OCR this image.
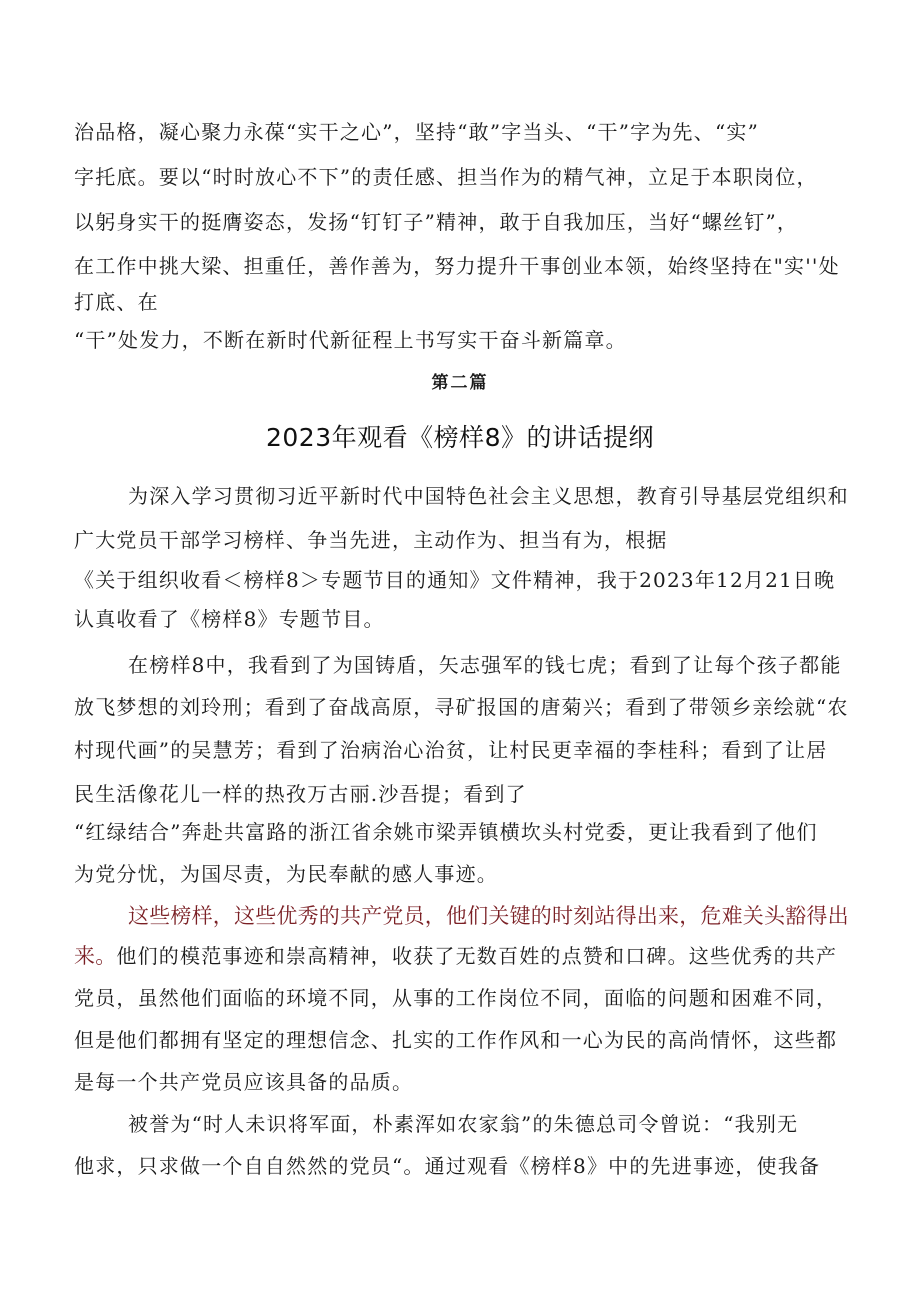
治品格，凝心聚力永葆“实干之心”，坚持“敢”字当头、“干”字为先、“实”
字托底。要以“时时放心不下”的责任感、担当作为的精气神，立足于本职岗位，
以躬身实干的挺膺姿态，发扬“钉钉子”精神，敢于自我加压，当好“螺丝钉”，
在工作中挑大梁、担重任，善作善为，努力提升干事创业本领，始终坚持在"实''处
打底、在
“干”处发力，不断在新时代新征程上书写实干奋斗新篇章。
第二篇
2023年观看《榜样8》的讲话提纲
为深入学习贯彻习近平新时代中国特色社会主义思想，教育引导基层党组织和
广大党员干部学习榜样、争当先进，主动作为、担当有为，根据
《关于组织收看＜榜样8＞专题节目的通知》文件精神，我于2023年12月21日晚
认真收看了《榜样8》专题节目。
在榜样8中，我看到了为国铸盾，矢志强军的钱七虎；看到了让每个孩子都能
放飞梦想的刘玲刑；看到了奋战高原，寻矿报国的唐菊兴；看到了带领乡亲绘就“农
村现代画”的吴慧芳；看到了治病治心治贫，让村民更幸福的李桂科；看到了让居
民生活像花儿一样的热孜万古丽.沙吾提；看到了
“红绿结合”奔赴共富路的浙江省余姚市梁弄镇横坎头村党委，更让我看到了他们
为党分忧，为国尽责，为民奉献的感人事迹。
这些榜样，这些优秀的共产党员，他们关键的时刻站得出来，危难关头豁得出
来。他们的模范事迹和崇高精神，收获了无数百姓的点赞和口碑。这些优秀的共产
党员，虽然他们面临的环境不同，从事的工作岗位不同，面临的问题和困难不同，
但是他们都拥有坚定的理想信念、扎实的工作作风和一心为民的高尚情怀，这些都
是每一个共产党员应该具备的品质。
被誉为“时人未识将军面，朴素浑如农家翁”的朱德总司令曾说：“我别无
他求，只求做一个自自然然的党员“。通过观看《榜样8》中的先进事迹，使我备
